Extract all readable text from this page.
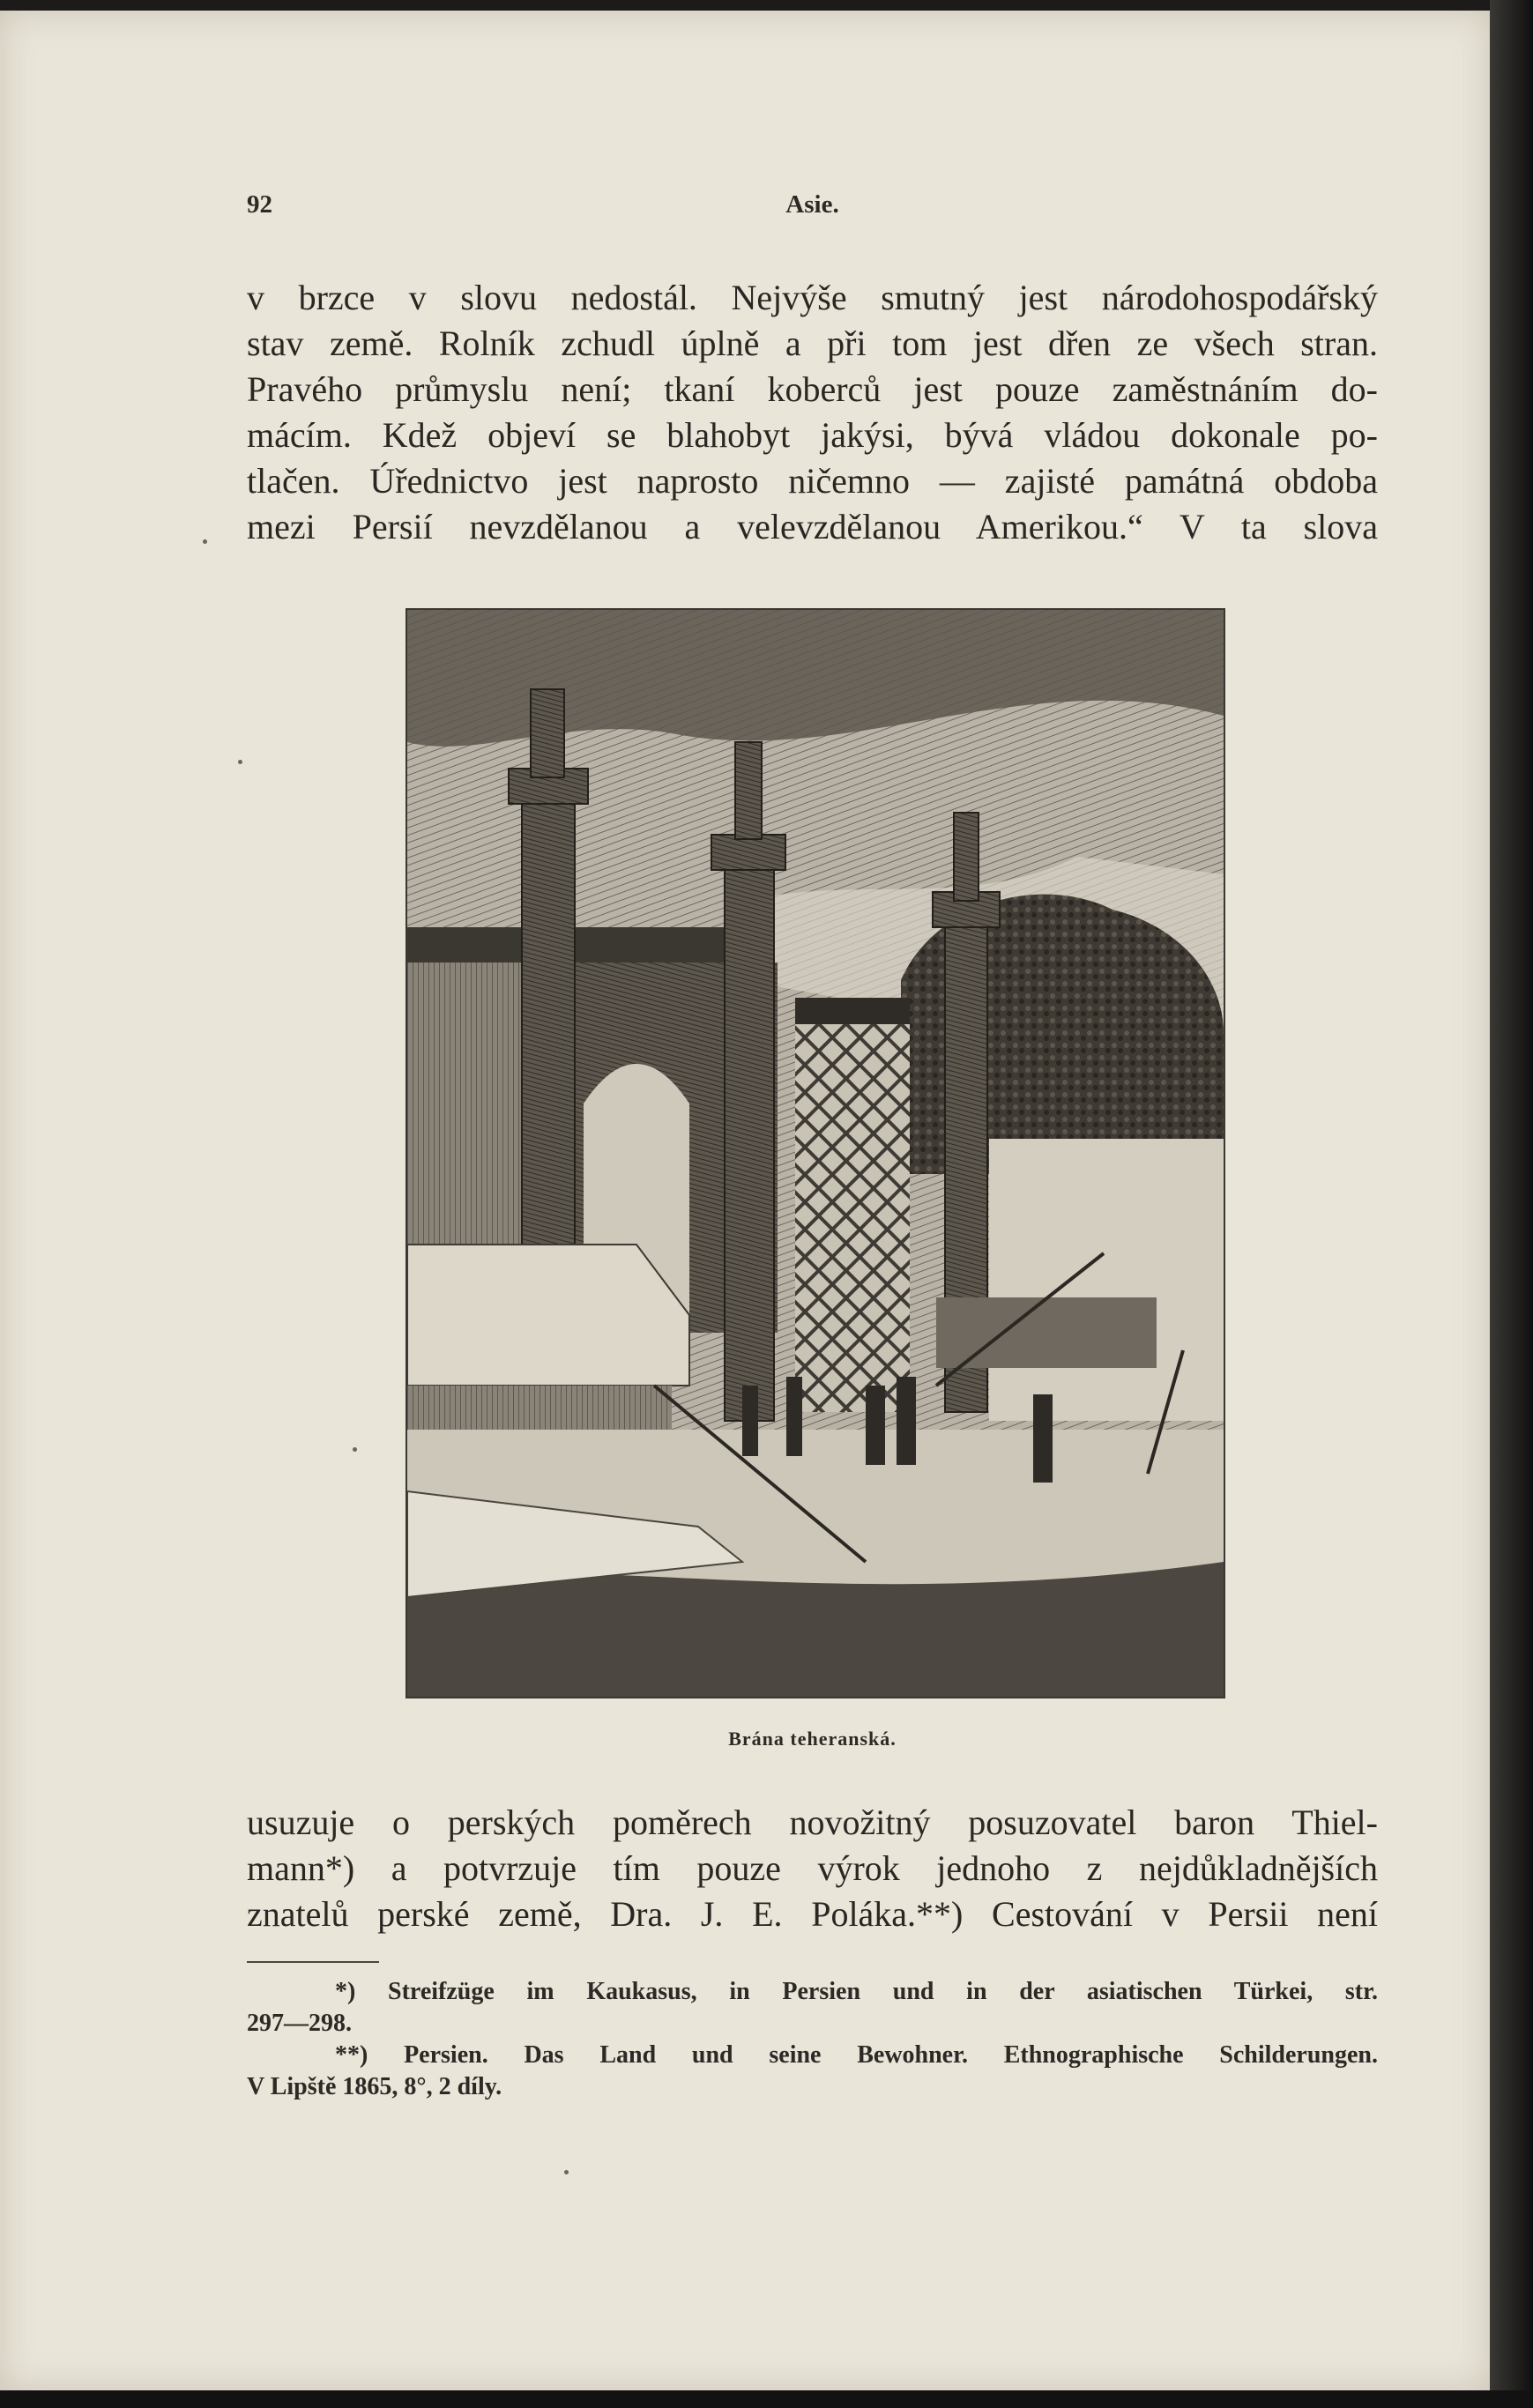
92	Asie.
v brzce v slovu nedostál. Nejvýše smutný jest národohospodářský
stav země. Rolník zchudl úplně a při tom jest dřen ze všech stran.
Pravého průmyslu není; tkaní koberců jest pouze zaměstnáním do-
mácím. Kdež objeví se blahobyt jakýsi, bývá vládou dokonale po-
tlačen. Úřednictvo jest naprosto ničemno — zajisté památná obdoba
mezi Persií nevzdělanou a velevzdělanou Amerikou.“ V ta slova
Brána teheranská.
usuzuje o perských poměrech novožitný posuzovatel baron Thiel-
mann*) a potvrzuje tím pouze výrok jednoho z nejdůkladnějších
znatelů perské země, Dra. J. E. Poláka.**) Cestování v Persii není
*) Streifzüge im Kaukasus, in Persien und in der asiatischen Türkei, str.
297—298.
**) Persien. Das Land und seine Bewohner. Ethnographische Schilderungen.
V Lipště 1865, 8°, 2 díly.
